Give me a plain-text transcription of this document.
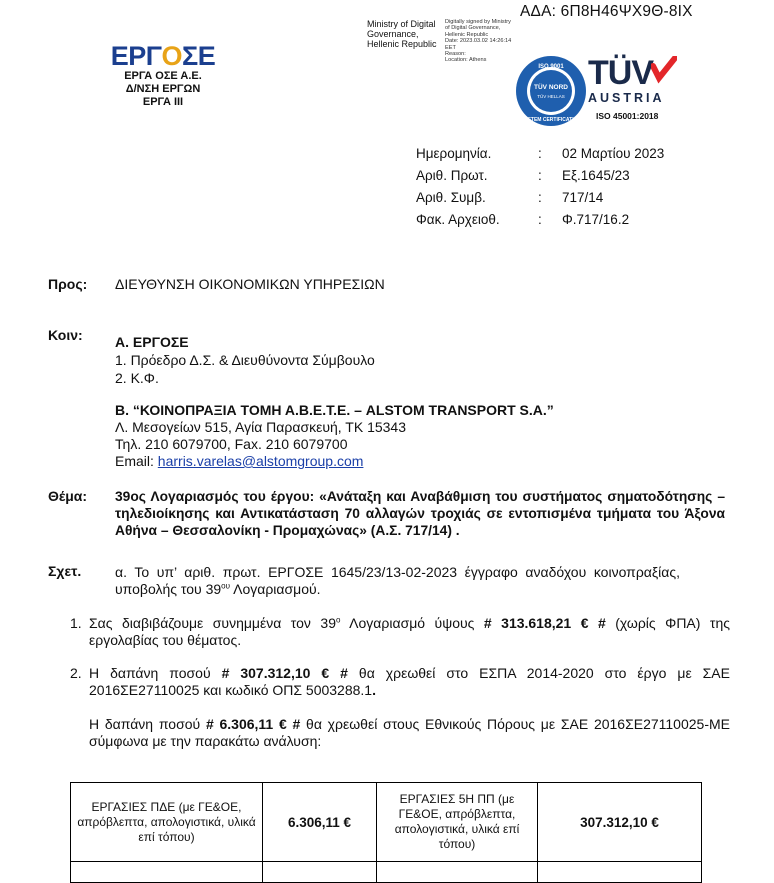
ΑΔΑ: 6Π8Η46ΨΧ9Θ-8ΙΧ
Ministry of Digital
Governance,
Hellenic Republic
Digitally signed by Ministry
of Digital Governance,
Hellenic Republic
Date: 2023.03.02 14:26:14
EET
Reason:
Location: Athens
ΕΡΓΟΣΕ
ΕΡΓΑ ΟΣΕ Α.Ε.
Δ/ΝΣΗ ΕΡΓΩΝ
ΕΡΓΑ ΙΙΙ
ISO 9001
TÜV NORD
TÜV HELLAS
SYSTEM CERTIFICATION
TÜV
AUSTRIA
ISO 45001:2018
Ημερομηνία.	:	02 Μαρτίου 2023
Αριθ. Πρωτ.	:	Εξ.1645/23
Αριθ. Συμβ.	:	717/14
Φακ. Αρχειοθ.	:	Φ.717/16.2
Προς: ΔΙΕΥΘΥΝΣΗ ΟΙΚΟΝΟΜΙΚΩΝ ΥΠΗΡΕΣΙΩΝ
Κοιν: Α. ΕΡΓΟΣΕ
1. Πρόεδρο Δ.Σ. & Διευθύνοντα Σύμβουλο
2. Κ.Φ.
Β. “ΚΟΙΝΟΠΡΑΞΙΑ ΤΟΜΗ Α.Β.Ε.Τ.Ε. – ALSTOM TRANSPORT S.A.”
Λ. Μεσογείων 515, Αγία Παρασκευή, ΤΚ 15343
Τηλ. 210 6079700, Fax. 210 6079700
Email: harris.varelas@alstomgroup.com
Θέμα: 39ος Λογαριασμός του έργου: «Ανάταξη και Αναβάθμιση του συστήματος σηματοδότησης – τηλεδιοίκησης και Αντικατάσταση 70 αλλαγών τροχιάς σε εντοπισμένα τμήματα του Άξονα Αθήνα – Θεσσαλονίκη - Προμαχώνας» (Α.Σ. 717/14) .
Σχετ. α. Το υπ’ αριθ. πρωτ. ΕΡΓΟΣΕ 1645/23/13-02-2023 έγγραφο αναδόχου κοινοπραξίας, υποβολής του $39^{o\upsilon}$ Λογαριασμού.
1. Σας διαβιβάζουμε συνημμένα τον $39^o$ Λογαριασμό ύψους # 313.618,21 € # (χωρίς ΦΠΑ) της εργολαβίας του θέματος.
2. Η δαπάνη ποσού # 307.312,10 € # θα χρεωθεί στο ΕΣΠΑ 2014-2020 στο έργο με ΣΑΕ 2016ΣΕ27110025 και κωδικό ΟΠΣ 5003288.1.
Η δαπάνη ποσού # 6.306,11 € # θα χρεωθεί στους Εθνικούς Πόρους με ΣΑΕ 2016ΣΕ27110025-ΜΕ σύμφωνα με την παρακάτω ανάλυση:
ΕΡΓΑΣΙΕΣ ΠΔΕ (με ΓΕ&ΟΕ, απρόβλεπτα, απολογιστικά, υλικά επί τόπου)	6.306,11 €	ΕΡΓΑΣΙΕΣ 5Η ΠΠ (με ΓΕ&ΟΕ, απρόβλεπτα, απολογιστικά, υλικά επί τόπου)	307.312,10 €
